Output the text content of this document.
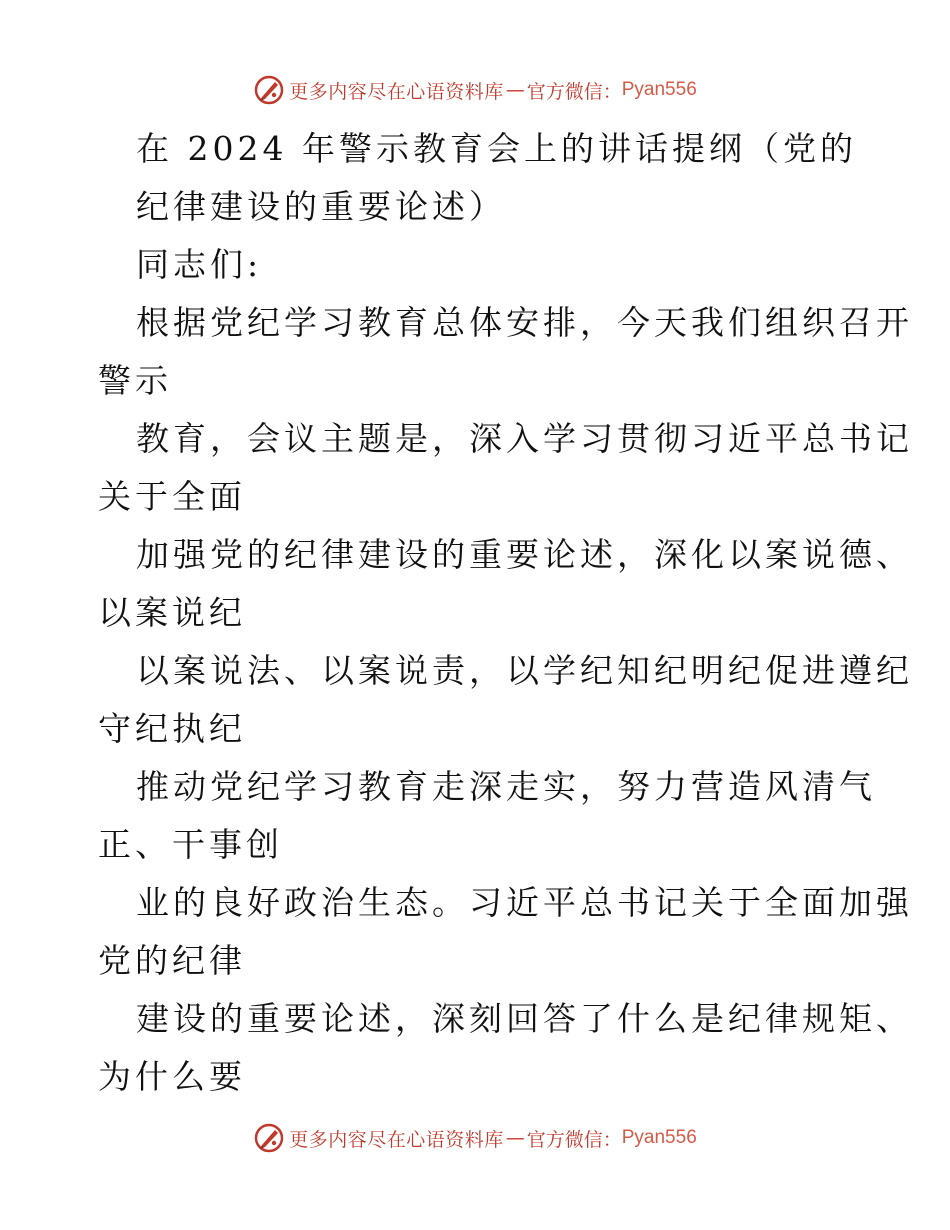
更多内容尽在心语资料库 — 官方微信： Pyan556
在 2024 年警示教育会上的讲话提纲（党的
纪律建设的重要论述）
同志们:
根据党纪学习教育总体安排，今天我们组织召开
警示
教育，会议主题是，深入学习贯彻习近平总书记
关于全面
加强党的纪律建设的重要论述，深化以案说德、
以案说纪
以案说法、以案说责，以学纪知纪明纪促进遵纪
守纪执纪
推动党纪学习教育走深走实，努力营造风清气
正、干事创
业的良好政治生态。习近平总书记关于全面加强
党的纪律
建设的重要论述，深刻回答了什么是纪律规矩、
为什么要
更多内容尽在心语资料库 — 官方微信： Pyan556
